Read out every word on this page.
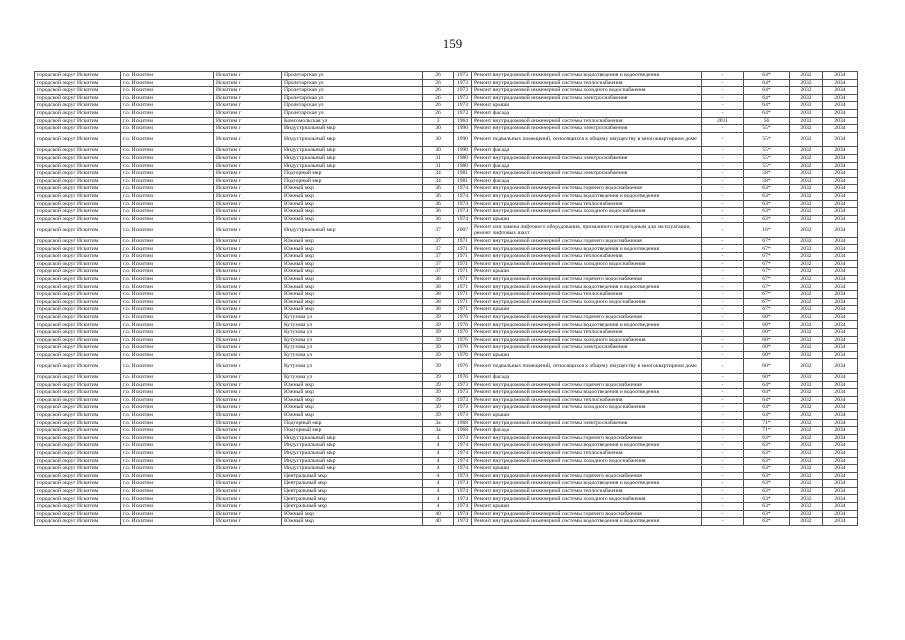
159
городской округ Искитим	г.о. Искитим	Искитим г	Пролетарская ул	26	1973	Ремонт внутридомовой инженерной системы водоотведения и водоотведения	-	64*	2032	2034
городской округ Искитим	г.о. Искитим	Искитим г	Пролетарская ул	26	1973	Ремонт внутридомовой инженерной системы теплоснабжения	-	64*	2032	2034
городской округ Искитим	г.о. Искитим	Искитим г	Пролетарская ул	26	1973	Ремонт внутридомовой инженерной системы холодного водоснабжения	-	64*	2032	2034
городской округ Искитим	г.о. Искитим	Искитим г	Пролетарская ул	26	1973	Ремонт внутридомовой инженерной системы электроснабжения	-	64*	2032	2034
городской округ Искитим	г.о. Искитим	Искитим г	Пролетарская ул	26	1973	Ремонт крыши	-	64*	2032	2034
городской округ Искитим	г.о. Искитим	Искитим г	Пролетарская ул	26	1973	Ремонт фасада	-	64*	2032	2034
городской округ Искитим	г.о. Искитим	Искитим г	Комсомольская ул	3	1964	Ремонт внутридомовой инженерной системы теплоснабжения	2011	56	2032	2034
городской округ Искитим	г.о. Искитим	Искитим г	Индустриальный мкр	30	1990	Ремонт внутридомовой инженерной системы электроснабжения	-	55*	2032	2034
городской округ Искитим	г.о. Искитим	Искитим г	Индустриальный мкр	30	1990	Ремонт подвальных помещений, относящихся к общему имуществу в многоквартирном доме	-	55*	2032	2034
городской округ Искитим	г.о. Искитим	Искитим г	Индустриальный мкр	30	1990	Ремонт фасада	-	55*	2032	2034
городской округ Искитим	г.о. Искитим	Искитим г	Индустриальный мкр	31	1980	Ремонт внутридомовой инженерной системы электроснабжения	-	55*	2032	2034
городской округ Искитим	г.о. Искитим	Искитим г	Индустриальный мкр	31	1980	Ремонт фасада	-	55*	2032	2034
городской округ Искитим	г.о. Искитим	Искитим г	Подгорный мкр	34	1981	Ремонт внутридомовой инженерной системы электроснабжения	-	58*	2032	2034
городской округ Искитим	г.о. Искитим	Искитим г	Подгорный мкр	34	1981	Ремонт фасада	-	58*	2032	2034
городской округ Искитим	г.о. Искитим	Искитим г	Южный мкр	36	1974	Ремонт внутридомовой инженерной системы горячего водоснабжения	-	63*	2032	2034
городской округ Искитим	г.о. Искитим	Искитим г	Южный мкр	36	1974	Ремонт внутридомовой инженерной системы водоотведения и водоотведения	-	63*	2032	2034
городской округ Искитим	г.о. Искитим	Искитим г	Южный мкр	36	1974	Ремонт внутридомовой инженерной системы теплоснабжения	-	63*	2032	2034
городской округ Искитим	г.о. Искитим	Искитим г	Южный мкр	36	1974	Ремонт внутридомовой инженерной системы холодного водоснабжения	-	63*	2032	2034
городской округ Искитим	г.о. Искитим	Искитим г	Южный мкр	36	1974	Ремонт крыши	-	63*	2032	2034
городской округ Искитим	г.о. Искитим	Искитим г	Индустриальный мкр	37	2007	Ремонт или замена лифтового оборудования, признанного непригодным для эксплуатации, ремонт лифтовых шахт	-	16*	2032	2034
городской округ Искитим	г.о. Искитим	Искитим г	Южный мкр	37	1971	Ремонт внутридомовой инженерной системы горячего водоснабжения	-	67*	2032	2034
городской округ Искитим	г.о. Искитим	Искитим г	Южный мкр	37	1971	Ремонт внутридомовой инженерной системы водоотведения и водоотведения	-	67*	2032	2034
городской округ Искитим	г.о. Искитим	Искитим г	Южный мкр	37	1971	Ремонт внутридомовой инженерной системы теплоснабжения	-	67*	2032	2034
городской округ Искитим	г.о. Искитим	Искитим г	Южный мкр	37	1971	Ремонт внутридомовой инженерной системы холодного водоснабжения	-	67*	2032	2034
городской округ Искитим	г.о. Искитим	Искитим г	Южный мкр	37	1971	Ремонт крыши	-	67*	2032	2034
городской округ Искитим	г.о. Искитим	Искитим г	Южный мкр	38	1971	Ремонт внутридомовой инженерной системы горячего водоснабжения	-	67*	2032	2034
городской округ Искитим	г.о. Искитим	Искитим г	Южный мкр	38	1971	Ремонт внутридомовой инженерной системы водоотведения и водоотведения	-	67*	2032	2034
городской округ Искитим	г.о. Искитим	Искитим г	Южный мкр	38	1971	Ремонт внутридомовой инженерной системы теплоснабжения	-	67*	2032	2034
городской округ Искитим	г.о. Искитим	Искитим г	Южный мкр	38	1971	Ремонт внутридомовой инженерной системы холодного водоснабжения	-	67*	2032	2034
городской округ Искитим	г.о. Искитим	Искитим г	Южный мкр	38	1971	Ремонт крыши	-	67*	2032	2034
городской округ Искитим	г.о. Искитим	Искитим г	Кутузова ул	39	1976	Ремонт внутридомовой инженерной системы горячего водоснабжения	-	60*	2032	2034
городской округ Искитим	г.о. Искитим	Искитим г	Кутузова ул	39	1976	Ремонт внутридомовой инженерной системы водоотведения и водоотведения	-	60*	2032	2034
городской округ Искитим	г.о. Искитим	Искитим г	Кутузова ул	39	1976	Ремонт внутридомовой инженерной системы теплоснабжения	-	60*	2032	2034
городской округ Искитим	г.о. Искитим	Искитим г	Кутузова ул	39	1976	Ремонт внутридомовой инженерной системы холодного водоснабжения	-	60*	2032	2034
городской округ Искитим	г.о. Искитим	Искитим г	Кутузова ул	39	1976	Ремонт внутридомовой инженерной системы электроснабжения	-	60*	2032	2034
городской округ Искитим	г.о. Искитим	Искитим г	Кутузова ул	39	1976	Ремонт крыши	-	60*	2032	2034
городской округ Искитим	г.о. Искитим	Искитим г	Кутузова ул	39	1976	Ремонт подвальных помещений, относящихся к общему имуществу в многоквартирном доме	-	60*	2032	2034
городской округ Искитим	г.о. Искитим	Искитим г	Кутузова ул	39	1976	Ремонт фасада	-	60*	2032	2034
городской округ Искитим	г.о. Искитим	Искитим г	Южный мкр	39	1973	Ремонт внутридомовой инженерной системы горячего водоснабжения	-	64*	2032	2034
городской округ Искитим	г.о. Искитим	Искитим г	Южный мкр	39	1973	Ремонт внутридомовой инженерной системы водоотведения и водоотведения	-	64*	2032	2034
городской округ Искитим	г.о. Искитим	Искитим г	Южный мкр	39	1973	Ремонт внутридомовой инженерной системы теплоснабжения	-	64*	2032	2034
городской округ Искитим	г.о. Искитим	Искитим г	Южный мкр	39	1973	Ремонт внутридомовой инженерной системы холодного водоснабжения	-	64*	2032	2034
городской округ Искитим	г.о. Искитим	Искитим г	Южный мкр	39	1973	Ремонт крыши	-	64*	2032	2034
городской округ Искитим	г.о. Искитим	Искитим г	Подгорный мкр	3а	1968	Ремонт внутридомовой инженерной системы электроснабжения	-	71*	2032	2034
городской округ Искитим	г.о. Искитим	Искитим г	Подгорный мкр	3а	1968	Ремонт фасада	-	71*	2032	2034
городской округ Искитим	г.о. Искитим	Искитим г	Индустриальный мкр	4	1974	Ремонт внутридомовой инженерной системы горячего водоснабжения	-	63*	2032	2034
городской округ Искитим	г.о. Искитим	Искитим г	Индустриальный мкр	4	1974	Ремонт внутридомовой инженерной системы водоотведения и водоотведения	-	63*	2032	2034
городской округ Искитим	г.о. Искитим	Искитим г	Индустриальный мкр	4	1974	Ремонт внутридомовой инженерной системы теплоснабжения	-	63*	2032	2034
городской округ Искитим	г.о. Искитим	Искитим г	Индустриальный мкр	4	1974	Ремонт внутридомовой инженерной системы холодного водоснабжения	-	63*	2032	2034
городской округ Искитим	г.о. Искитим	Искитим г	Индустриальный мкр	4	1974	Ремонт крыши	-	63*	2032	2034
городской округ Искитим	г.о. Искитим	Искитим г	Центральный мкр	4	1974	Ремонт внутридомовой инженерной системы горячего водоснабжения	-	63*	2032	2034
городской округ Искитим	г.о. Искитим	Искитим г	Центральный мкр	4	1974	Ремонт внутридомовой инженерной системы водоотведения и водоотведения	-	63*	2032	2034
городской округ Искитим	г.о. Искитим	Искитим г	Центральный мкр	4	1974	Ремонт внутридомовой инженерной системы теплоснабжения	-	63*	2032	2034
городской округ Искитим	г.о. Искитим	Искитим г	Центральный мкр	4	1974	Ремонт внутридомовой инженерной системы холодного водоснабжения	-	63*	2032	2034
городской округ Искитим	г.о. Искитим	Искитим г	Центральный мкр	4	1974	Ремонт крыши	-	63*	2032	2034
городской округ Искитим	г.о. Искитим	Искитим г	Южный мкр	40	1974	Ремонт внутридомовой инженерной системы горячего водоснабжения	-	63*	2032	2034
городской округ Искитим	г.о. Искитим	Искитим г	Южный мкр	40	1974	Ремонт внутридомовой инженерной системы водоотведения и водоотведения	-	63*	2032	2034
